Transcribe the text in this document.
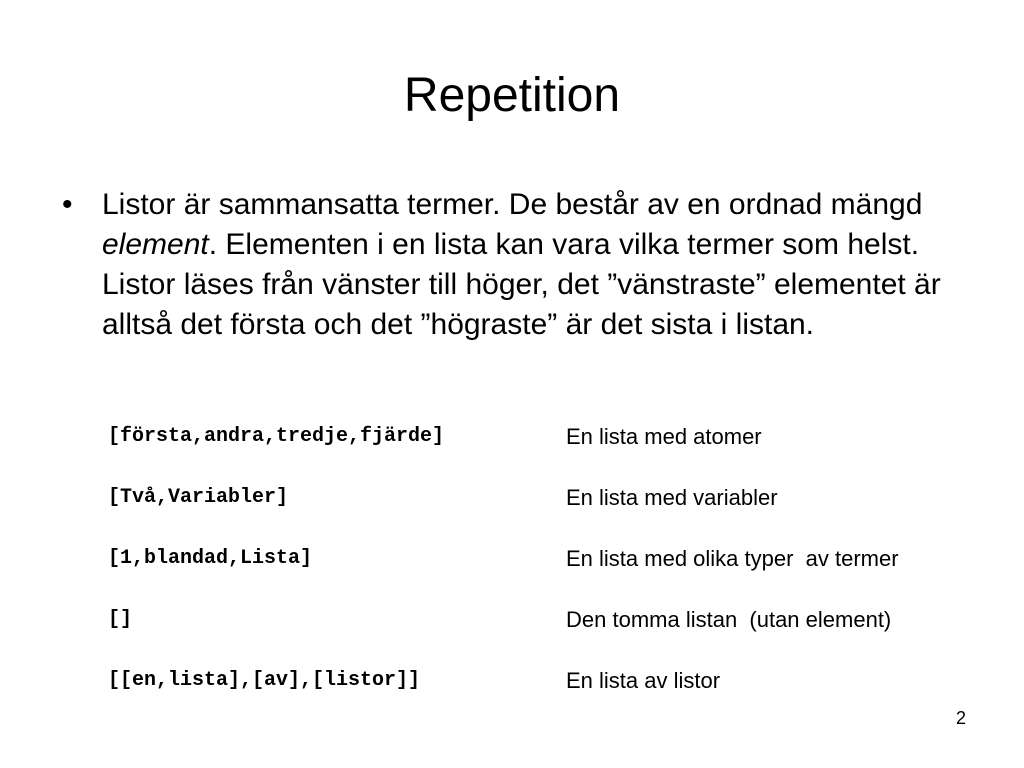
Repetition
• Listor är sammansatta termer. De består av en ordnad mängd element. Elementen i en lista kan vara vilka termer som helst. Listor läses från vänster till höger, det ”vänstraste” elementet är alltså det första och det ”högraste” är det sista i listan.

[första,andra,tredje,fjärde]	En lista med atomer
[Två,Variabler]	En lista med variabler
[1,blandad,Lista]	En lista med olika typer  av termer
[]	Den tomma listan  (utan element)
[[en,lista],[av],[listor]]	En lista av listor
2
